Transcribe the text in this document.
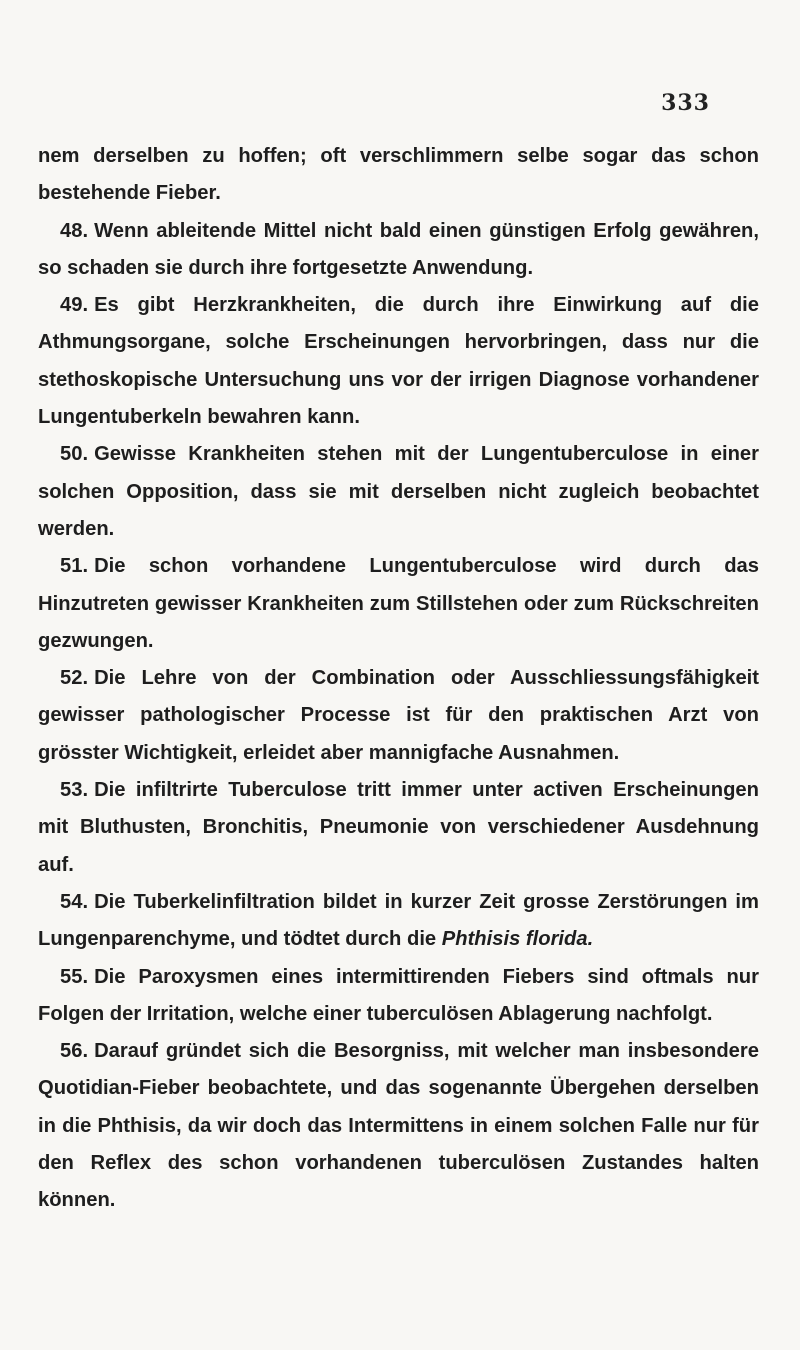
333

nem derselben zu hoffen; oft verschlimmern selbe sogar das schon bestehende Fieber.

48. Wenn ableitende Mittel nicht bald einen günstigen Erfolg gewähren, so schaden sie durch ihre fortgesetzte Anwendung.

49. Es gibt Herzkrankheiten, die durch ihre Einwirkung auf die Athmungsorgane, solche Erscheinungen hervorbringen, dass nur die stethoskopische Untersuchung uns vor der irrigen Diagnose vorhandener Lungentuberkeln bewahren kann.

50. Gewisse Krankheiten stehen mit der Lungentuberculose in einer solchen Opposition, dass sie mit derselben nicht zugleich beobachtet werden.

51. Die schon vorhandene Lungentuberculose wird durch das Hinzutreten gewisser Krankheiten zum Stillstehen oder zum Rückschreiten gezwungen.

52. Die Lehre von der Combination oder Ausschliessungsfähigkeit gewisser pathologischer Processe ist für den praktischen Arzt von grösster Wichtigkeit, erleidet aber mannigfache Ausnahmen.

53. Die infiltrirte Tuberculose tritt immer unter activen Erscheinungen mit Bluthusten, Bronchitis, Pneumonie von verschiedener Ausdehnung auf.

54. Die Tuberkelinfiltration bildet in kurzer Zeit grosse Zerstörungen im Lungenparenchyme, und tödtet durch die Phthisis florida.

55. Die Paroxysmen eines intermittirenden Fiebers sind oftmals nur Folgen der Irritation, welche einer tuberculösen Ablagerung nachfolgt.

56. Darauf gründet sich die Besorgniss, mit welcher man insbesondere Quotidian-Fieber beobachtete, und das sogenannte Übergehen derselben in die Phthisis, da wir doch das Intermittens in einem solchen Falle nur für den Reflex des schon vorhandenen tuberculösen Zustandes halten können.
